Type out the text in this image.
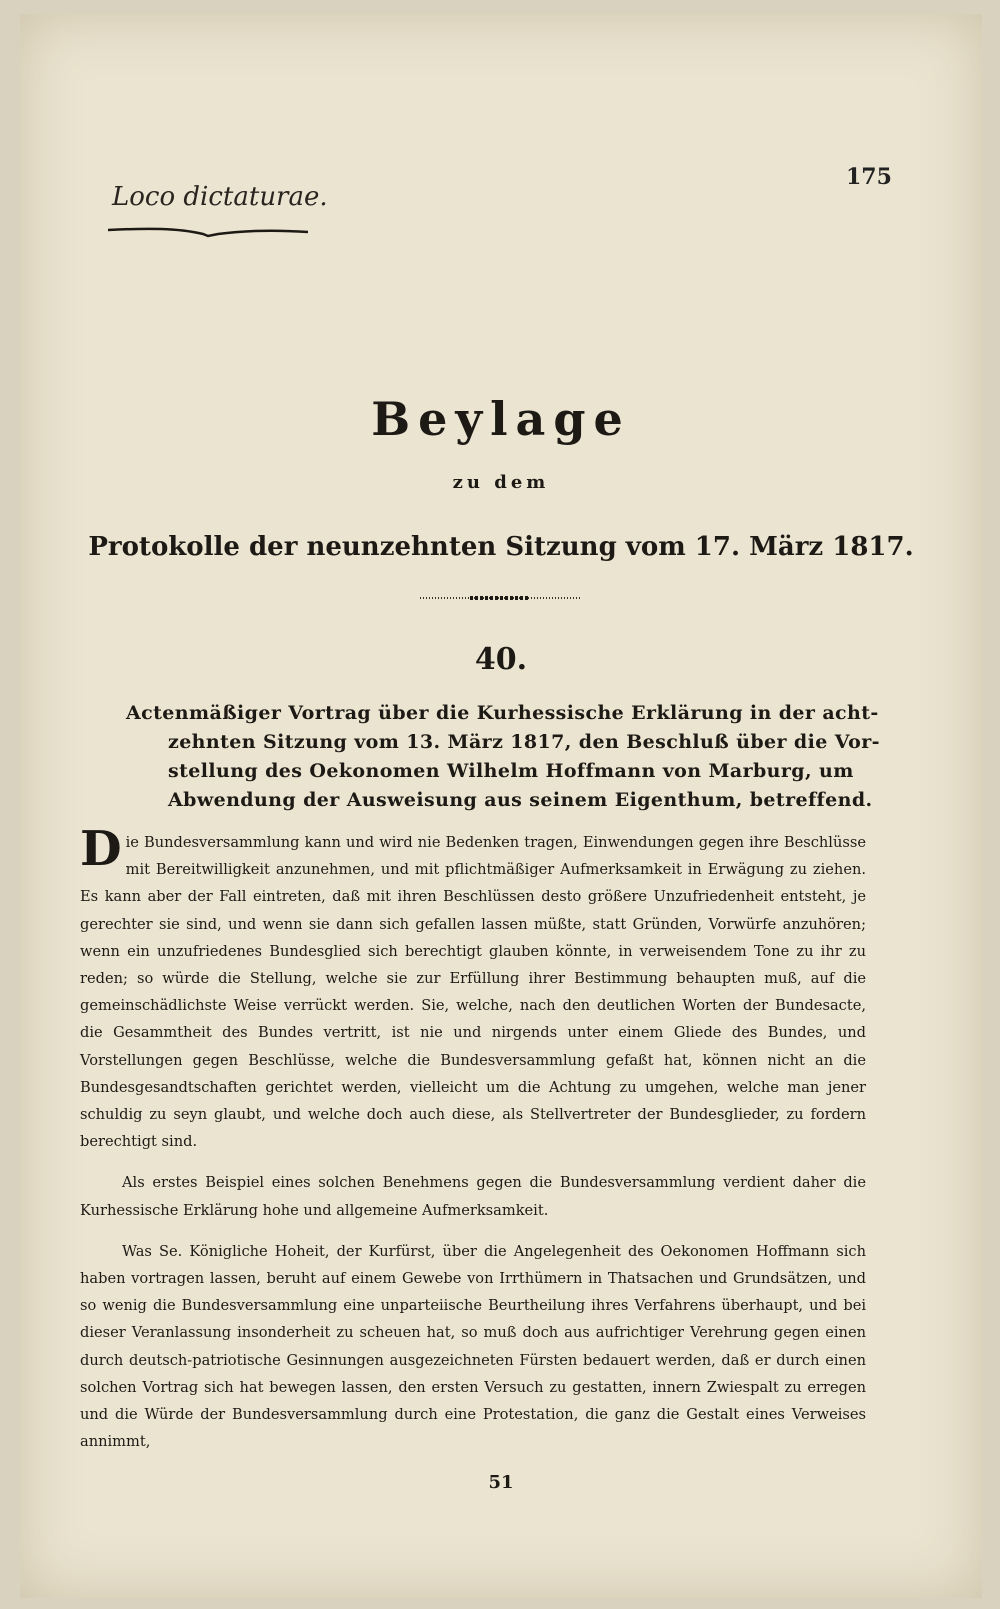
Loco dictaturae.
175
Beylage
zu dem
Protokolle der neunzehnten Sitzung vom 17. März 1817.
40.
Actenmäßiger Vortrag über die Kurhessische Erklärung in der acht-
zehnten Sitzung vom 13. März 1817, den Beschluß über die Vor-
stellung des Oekonomen Wilhelm Hoffmann von Marburg, um
Abwendung der Ausweisung aus seinem Eigenthum, betreffend.

Die Bundesversammlung kann und wird nie Bedenken tragen, Einwendungen gegen ihre Beschlüsse mit Bereitwilligkeit anzunehmen, und mit pflichtmäßiger Aufmerksamkeit in Erwägung zu ziehen. Es kann aber der Fall eintreten, daß mit ihren Beschlüssen desto größere Unzufriedenheit entsteht, je gerechter sie sind, und wenn sie dann sich gefallen lassen müßte, statt Gründen, Vorwürfe anzuhören; wenn ein unzufriedenes Bundesglied sich berechtigt glauben könnte, in verweisendem Tone zu ihr zu reden; so würde die Stellung, welche sie zur Erfüllung ihrer Bestimmung behaupten muß, auf die gemeinschädlichste Weise verrückt werden. Sie, welche, nach den deutlichen Worten der Bundesacte, die Gesammtheit des Bundes vertritt, ist nie und nirgends unter einem Gliede des Bundes, und Vorstellungen gegen Beschlüsse, welche die Bundesversammlung gefaßt hat, können nicht an die Bundesgesandtschaften gerichtet werden, vielleicht um die Achtung zu umgehen, welche man jener schuldig zu seyn glaubt, und welche doch auch diese, als Stellvertreter der Bundesglieder, zu fordern berechtigt sind.

Als erstes Beispiel eines solchen Benehmens gegen die Bundesversammlung verdient daher die Kurhessische Erklärung hohe und allgemeine Aufmerksamkeit.

Was Se. Königliche Hoheit, der Kurfürst, über die Angelegenheit des Oekonomen Hoffmann sich haben vortragen lassen, beruht auf einem Gewebe von Irrthümern in Thatsachen und Grundsätzen, und so wenig die Bundesversammlung eine unparteiische Beurtheilung ihres Verfahrens überhaupt, und bei dieser Veranlassung insonderheit zu scheuen hat, so muß doch aus aufrichtiger Verehrung gegen einen durch deutsch-patriotische Gesinnungen ausgezeichneten Fürsten bedauert werden, daß er durch einen solchen Vortrag sich hat bewegen lassen, den ersten Versuch zu gestatten, innern Zwiespalt zu erregen und die Würde der Bundesversammlung durch eine Protestation, die ganz die Gestalt eines Verweises annimmt,

51
